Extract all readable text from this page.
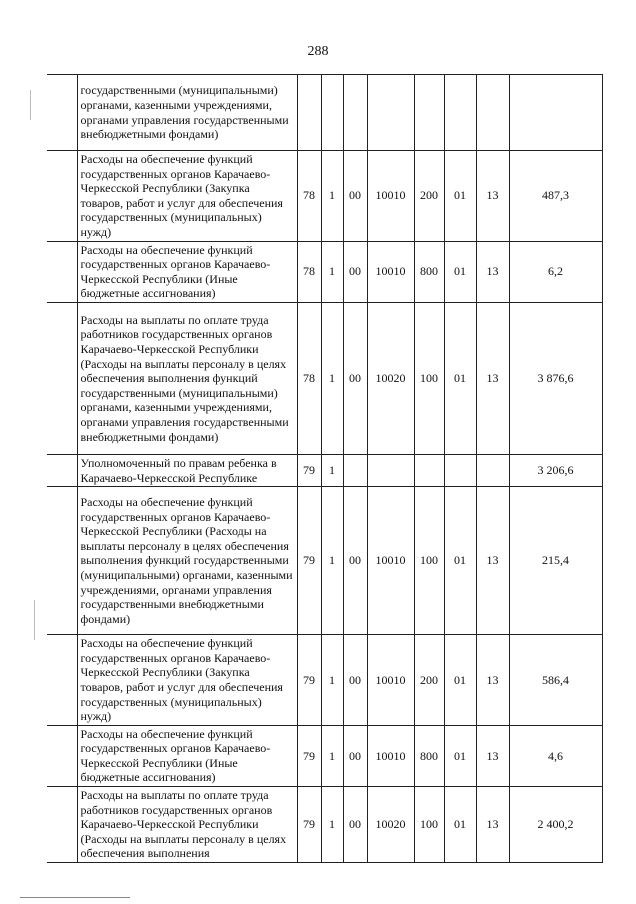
288
	государственными (муниципальными) органами, казенными учреждениями, органами управления государственными внебюджетными фондами)								
	Расходы на обеспечение функций государственных органов Карачаево-Черкесской Республики (Закупка товаров, работ и услуг для обеспечения государственных (муниципальных) нужд)	78	1	00	10010	200	01	13	487,3
	Расходы на обеспечение функций государственных органов Карачаево-Черкесской Республики (Иные бюджетные ассигнования)	78	1	00	10010	800	01	13	6,2
	Расходы на выплаты по оплате труда работников государственных органов Карачаево-Черкесской Республики (Расходы на выплаты персоналу в целях обеспечения выполнения функций государственными (муниципальными) органами, казенными учреждениями, органами управления государственными внебюджетными фондами)	78	1	00	10020	100	01	13	3 876,6
	Уполномоченный по правам ребенка в Карачаево-Черкесской Республике	79	1						3 206,6
	Расходы на обеспечение функций государственных органов Карачаево-Черкесской Республики (Расходы на выплаты персоналу в целях обеспечения выполнения функций государственными (муниципальными) органами, казенными учреждениями, органами управления государственными внебюджетными фондами)	79	1	00	10010	100	01	13	215,4
	Расходы на обеспечение функций государственных органов Карачаево-Черкесской Республики (Закупка товаров, работ и услуг для обеспечения государственных (муниципальных) нужд)	79	1	00	10010	200	01	13	586,4
	Расходы на обеспечение функций государственных органов Карачаево-Черкесской Республики (Иные бюджетные ассигнования)	79	1	00	10010	800	01	13	4,6
	Расходы на выплаты по оплате труда работников государственных органов Карачаево-Черкесской Республики (Расходы на выплаты персоналу в целях обеспечения выполнения	79	1	00	10020	100	01	13	2 400,2
